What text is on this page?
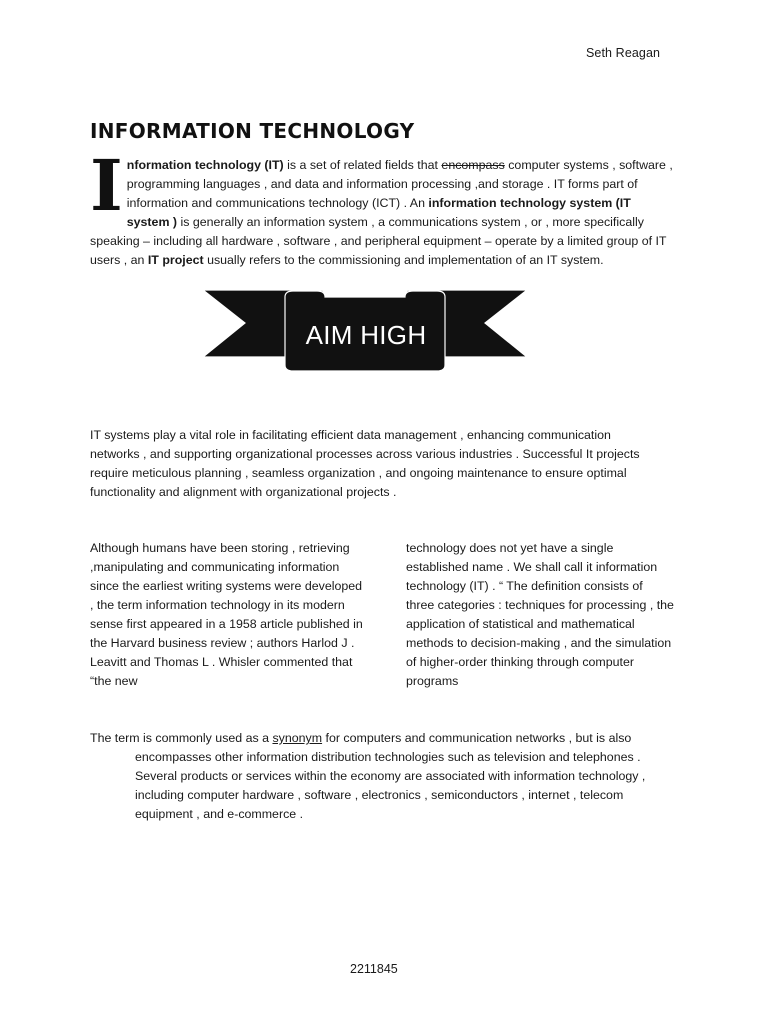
Seth Reagan
INFORMATION TECHNOLOGY

Information technology (IT) is a set of related fields that encompass computer systems , software , programming languages , and data and information processing ,and storage . IT forms part of information and communications technology (ICT) . An information technology system (IT system ) is generally an information system , a communications system , or , more specifically speaking – including all hardware , software , and peripheral equipment – operate by a limited group of IT users , an IT project usually refers to the commissioning and implementation of an IT system.

AIM HIGH

IT systems play a vital role in facilitating efficient data management , enhancing communication networks , and supporting organizational processes across various industries . Successful It projects require meticulous planning , seamless organization , and ongoing maintenance to ensure optimal functionality and alignment with organizational projects .

Although humans have been storing , retrieving ,manipulating and communicating information since the earliest writing systems were developed , the term information technology in its modern sense first appeared in a 1958 article published in the Harvard business review ; authors Harlod J . Leavitt and Thomas L . Whisler commented that “the new

technology does not yet have a single established name . We shall call it information technology (IT) . “ The definition consists of three categories : techniques for processing , the application of statistical and mathematical methods to decision-making , and the simulation of higher-order thinking through computer programs

The term is commonly used as a synonym for computers and communication networks , but is also encompasses other information distribution technologies such as television and telephones . Several products or services within the economy are associated with information technology , including computer hardware , software , electronics , semiconductors , internet , telecom equipment , and e-commerce .

2211845
